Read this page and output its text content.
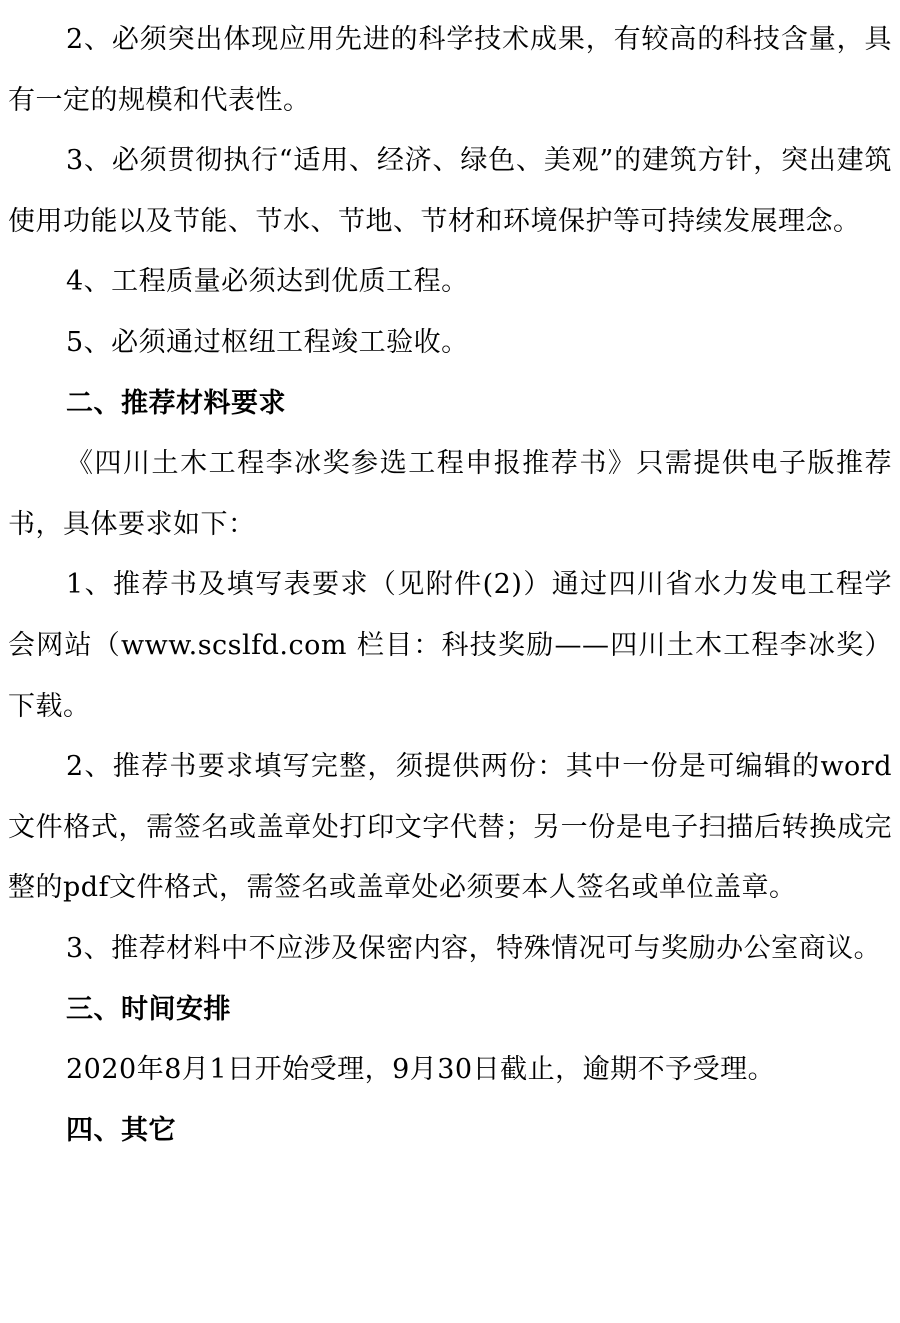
2、必须突出体现应用先进的科学技术成果，有较高的科技含量，具有一定的规模和代表性。

3、必须贯彻执行“适用、经济、绿色、美观”的建筑方针，突出建筑使用功能以及节能、节水、节地、节材和环境保护等可持续发展理念。

4、工程质量必须达到优质工程。

5、必须通过枢纽工程竣工验收。

二、推荐材料要求

《四川土木工程李冰奖参选工程申报推荐书》只需提供电子版推荐书，具体要求如下：

1、推荐书及填写表要求（见附件(2)）通过四川省水力发电工程学会网站（www.scslfd.com 栏目：科技奖励——四川土木工程李冰奖）下载。

2、推荐书要求填写完整，须提供两份：其中一份是可编辑的word文件格式，需签名或盖章处打印文字代替；另一份是电子扫描后转换成完整的pdf文件格式，需签名或盖章处必须要本人签名或单位盖章。

3、推荐材料中不应涉及保密内容，特殊情况可与奖励办公室商议。

三、时间安排

2020年8月1日开始受理，9月30日截止，逾期不予受理。

四、其它
